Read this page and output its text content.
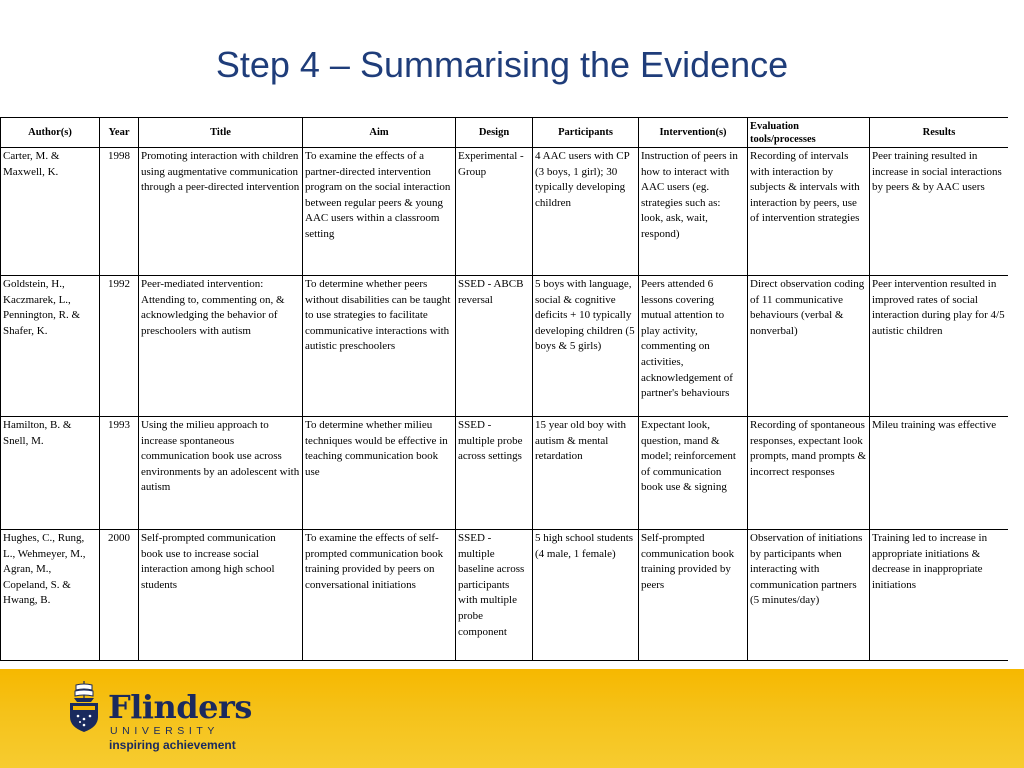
Step 4 – Summarising the Evidence
Author(s)	Year	Title	Aim	Design	Participants	Intervention(s)	Evaluation tools/processes	Results
Carter, M. & Maxwell, K.	1998	Promoting interaction with children using augmentative communication through a peer-directed intervention	To examine the effects of a partner-directed intervention program on the social interaction between regular peers & young AAC users within a classroom setting	Experimental - Group	4 AAC users with CP (3 boys, 1 girl); 30 typically developing children	Instruction of peers in how to interact with AAC users (eg. strategies such as: look, ask, wait, respond)	Recording of intervals with interaction by subjects & intervals with interaction by peers, use of intervention strategies	Peer training resulted in increase in social interactions by peers & by AAC users
Goldstein, H., Kaczmarek, L., Pennington, R. & Shafer, K.	1992	Peer-mediated intervention: Attending to, commenting on, & acknowledging the behavior of preschoolers with autism	To determine whether peers without disabilities can be taught to use strategies to facilitate communicative interactions with autistic preschoolers	SSED - ABCB reversal	5 boys with language, social & cognitive deficits + 10 typically developing children (5 boys & 5 girls)	Peers attended 6 lessons covering mutual attention to play activity, commenting on activities, acknowledgement of partner's behaviours	Direct observation coding of 11 communicative behaviours (verbal & nonverbal)	Peer intervention resulted in improved rates of social interaction during play for 4/5 autistic children
Hamilton, B. & Snell, M.	1993	Using the milieu approach to increase spontaneous communication book use across environments by an adolescent with autism	To determine whether milieu techniques would be effective in teaching communication book use	SSED - multiple probe across settings	15 year old boy with autism & mental retardation	Expectant look, question, mand & model; reinforcement of communication book use & signing	Recording of spontaneous responses, expectant look prompts, mand prompts & incorrect responses	Mileu training was effective
Hughes, C., Rung, L., Wehmeyer, M., Agran, M., Copeland, S. & Hwang, B.	2000	Self-prompted communication book use to increase social interaction among high school students	To examine the effects of self-prompted communication book training provided by peers on conversational initiations	SSED - multiple baseline across participants with multiple probe component	5 high school students (4 male, 1 female)	Self-prompted communication book training provided by peers	Observation of initiations by participants when interacting with communication partners (5 minutes/day)	Training led to increase in appropriate initiations & decrease in inappropriate initiations
Flinders
UNIVERSITY
inspiring achievement
